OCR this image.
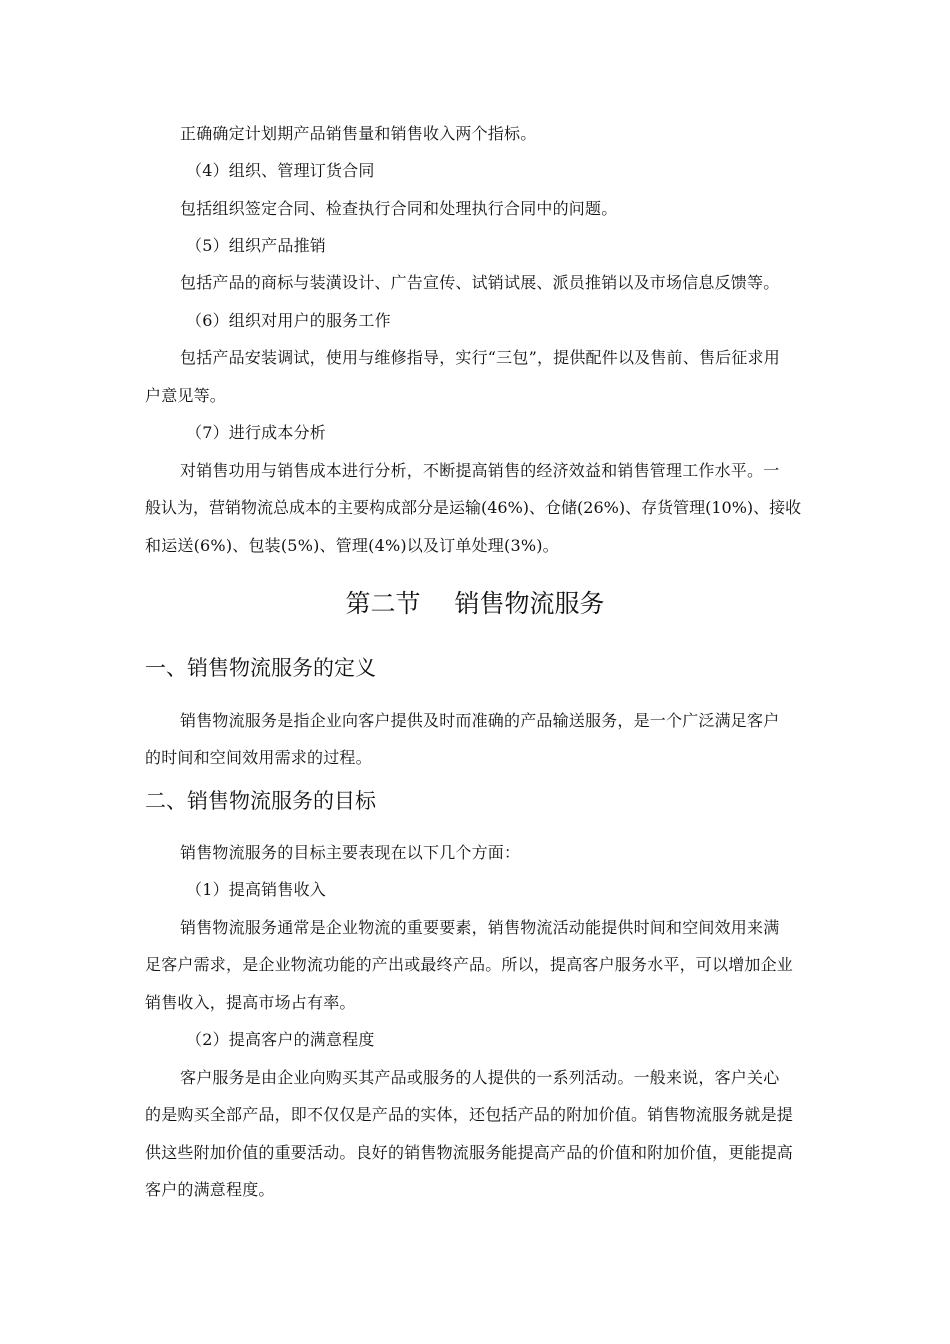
正确确定计划期产品销售量和销售收入两个指标。
（4）组织、管理订货合同
包括组织签定合同、检查执行合同和处理执行合同中的问题。
（5）组织产品推销
包括产品的商标与装潢设计、广告宣传、试销试展、派员推销以及市场信息反馈等。
（6）组织对用户的服务工作
包括产品安装调试，使用与维修指导，实行“三包”，提供配件以及售前、售后征求用
户意见等。
（7）进行成本分析
对销售功用与销售成本进行分析，不断提高销售的经济效益和销售管理工作水平。一
般认为，营销物流总成本的主要构成部分是运输(46%)、仓储(26%)、存货管理(10%)、接收
和运送(6%)、包装(5%)、管理(4%)以及订单处理(3%)。
第二节 销售物流服务
一、销售物流服务的定义
销售物流服务是指企业向客户提供及时而准确的产品输送服务，是一个广泛满足客户
的时间和空间效用需求的过程。
二、销售物流服务的目标
销售物流服务的目标主要表现在以下几个方面：
（1）提高销售收入
销售物流服务通常是企业物流的重要要素，销售物流活动能提供时间和空间效用来满
足客户需求，是企业物流功能的产出或最终产品。所以，提高客户服务水平，可以增加企业
销售收入，提高市场占有率。
（2）提高客户的满意程度
客户服务是由企业向购买其产品或服务的人提供的一系列活动。一般来说，客户关心
的是购买全部产品，即不仅仅是产品的实体，还包括产品的附加价值。销售物流服务就是提
供这些附加价值的重要活动。良好的销售物流服务能提高产品的价值和附加价值，更能提高
客户的满意程度。
